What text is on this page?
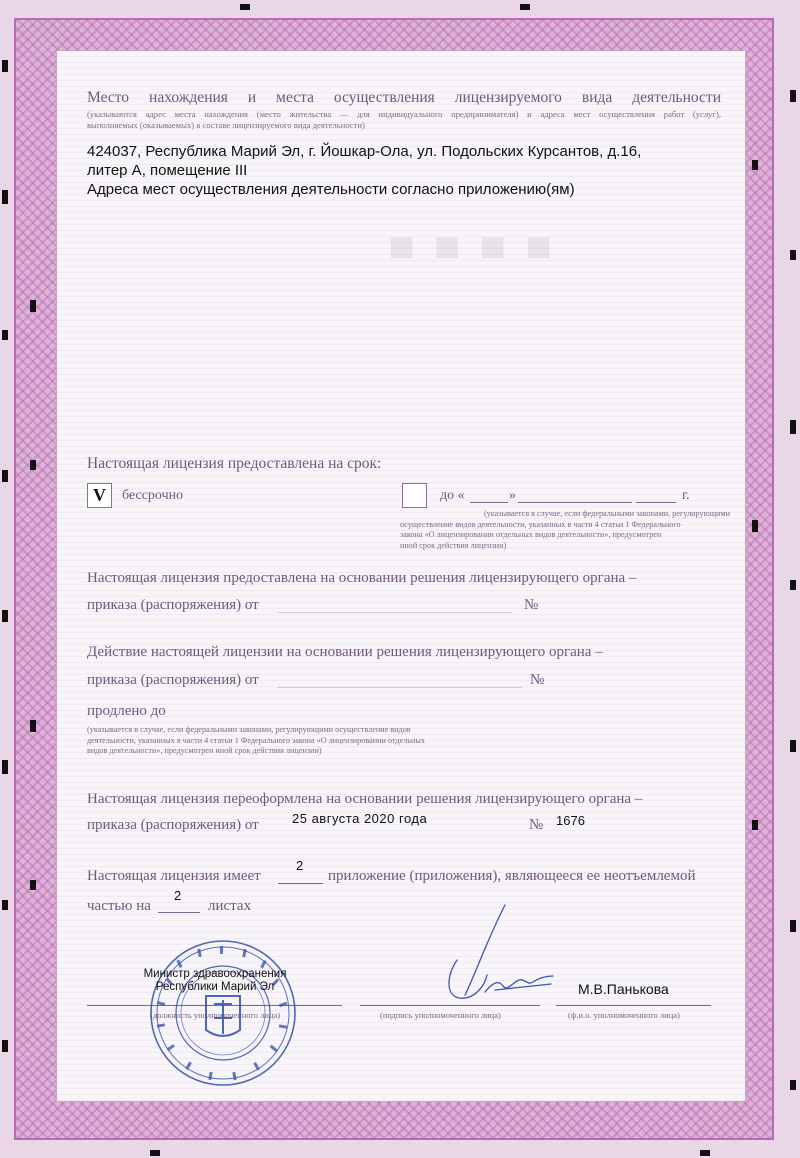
■ ■ ■ ■
Место нахождения и места осуществления лицензируемого вида деятельности
(указываются адрес места нахождения (место жительства — для индивидуального предпринимателя) и адреса мест осуществления работ (услуг),
выполняемых (оказываемых) в составе лицензируемого вида деятельности)
424037, Республика Марий Эл, г. Йошкар-Ола, ул. Подольских Курсантов, д.16,
литер А, помещение III
Адреса мест осуществления деятельности согласно приложению(ям)
Настоящая лицензия предоставлена на срок:
V бессрочно	до «	»	г.
(указывается в случае, если федеральными законами, регулирующими
осуществление видов деятельности, указанных в части 4 статьи 1 Федерального
закона «О лицензировании отдельных видов деятельности», предусмотрен
иной срок действия лицензии)
Настоящая лицензия предоставлена на основании решения лицензирующего органа –
приказа (распоряжения) от	№
Действие настоящей лицензии на основании решения лицензирующего органа –
приказа (распоряжения) от	№
продлено до
(указывается в случае, если федеральными законами, регулирующими осуществление видов
деятельности, указанных в части 4 статьи 1 Федерального закона «О лицензировании отдельных
видов деятельности», предусмотрен иной срок действия лицензии)
Настоящая лицензия переоформлена на основании решения лицензирующего органа –
приказа (распоряжения) от	25 августа 2020 года	№ 1676
Настоящая лицензия имеет
2
приложение (приложения), являющееся ее неотъемлемой
частью на
2
листах
(должность уполномоченного лица)	(подпись уполномоченного лица)	(ф.и.о. уполномоченного лица)
М.В.Панькова
Министр здравоохранения
Республики Марий Эл
